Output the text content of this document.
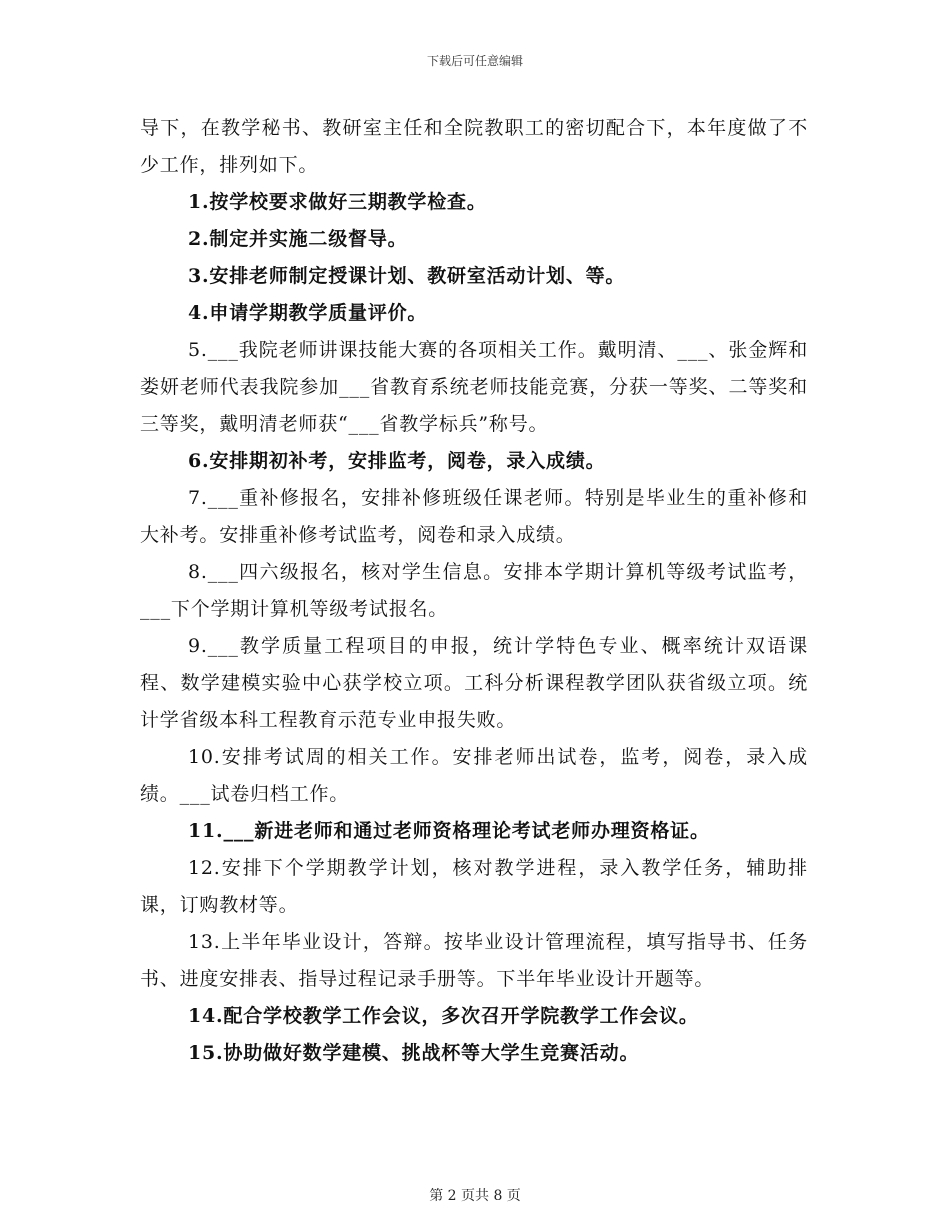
下载后可任意编辑

导下，在教学秘书、教研室主任和全院教职工的密切配合下，本年度做了不少工作，排列如下。

1.按学校要求做好三期教学检查。

2.制定并实施二级督导。

3.安排老师制定授课计划、教研室活动计划、等。

4.申请学期教学质量评价。

5.___我院老师讲课技能大赛的各项相关工作。戴明清、___、张金辉和娄妍老师代表我院参加___省教育系统老师技能竞赛，分获一等奖、二等奖和三等奖，戴明清老师获“___省教学标兵”称号。

6.安排期初补考，安排监考，阅卷，录入成绩。

7.___重补修报名，安排补修班级任课老师。特别是毕业生的重补修和大补考。安排重补修考试监考，阅卷和录入成绩。

8.___四六级报名，核对学生信息。安排本学期计算机等级考试监考，___下个学期计算机等级考试报名。

9.___教学质量工程项目的申报，统计学特色专业、概率统计双语课程、数学建模实验中心获学校立项。工科分析课程教学团队获省级立项。统计学省级本科工程教育示范专业申报失败。

10.安排考试周的相关工作。安排老师出试卷，监考，阅卷，录入成绩。___试卷归档工作。

11.___新进老师和通过老师资格理论考试老师办理资格证。

12.安排下个学期教学计划，核对教学进程，录入教学任务，辅助排课，订购教材等。

13.上半年毕业设计，答辩。按毕业设计管理流程，填写指导书、任务书、进度安排表、指导过程记录手册等。下半年毕业设计开题等。

14.配合学校教学工作会议，多次召开学院教学工作会议。

15.协助做好数学建模、挑战杯等大学生竞赛活动。

第 2 页共 8 页
